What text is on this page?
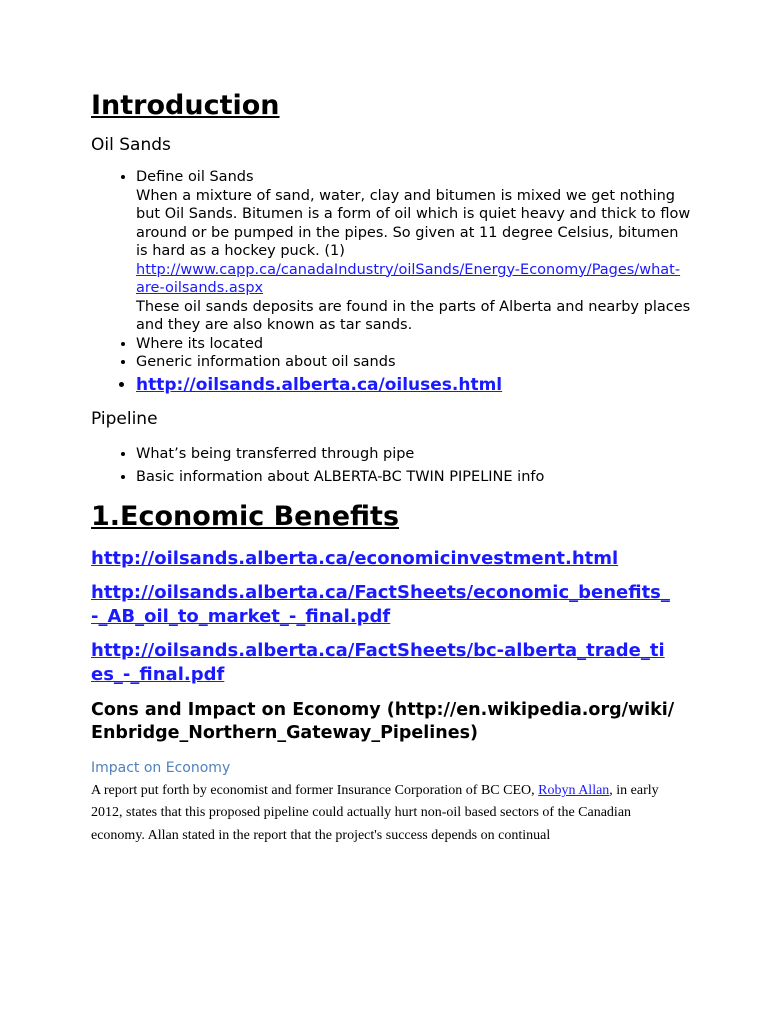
Introduction
Oil Sands
• Define oil Sands
When a mixture of sand, water, clay and bitumen is mixed we get nothing but Oil Sands. Bitumen is a form of oil which is quiet heavy and thick to flow around or be pumped in the pipes. So given at 11 degree Celsius, bitumen is hard as a hockey puck. (1)
http://www.capp.ca/canadaIndustry/oilSands/Energy-Economy/Pages/what-are-oilsands.aspx
These oil sands deposits are found in the parts of Alberta and nearby places and they are also known as tar sands.
• Where its located
• Generic information about oil sands
• http://oilsands.alberta.ca/oiluses.html
Pipeline
• What’s being transferred through pipe
• Basic information about ALBERTA-BC TWIN PIPELINE info
1.Economic Benefits
http://oilsands.alberta.ca/economicinvestment.html
http://oilsands.alberta.ca/FactSheets/economic_benefits_-_AB_oil_to_market_-_final.pdf
http://oilsands.alberta.ca/FactSheets/bc-alberta_trade_ties_-_final.pdf
Cons and Impact on Economy (http://en.wikipedia.org/wiki/Enbridge_Northern_Gateway_Pipelines)
Impact on Economy

A report put forth by economist and former Insurance Corporation of BC CEO, Robyn Allan, in early 2012, states that this proposed pipeline could actually hurt non-oil based sectors of the Canadian economy. Allan stated in the report that the project's success depends on continual
